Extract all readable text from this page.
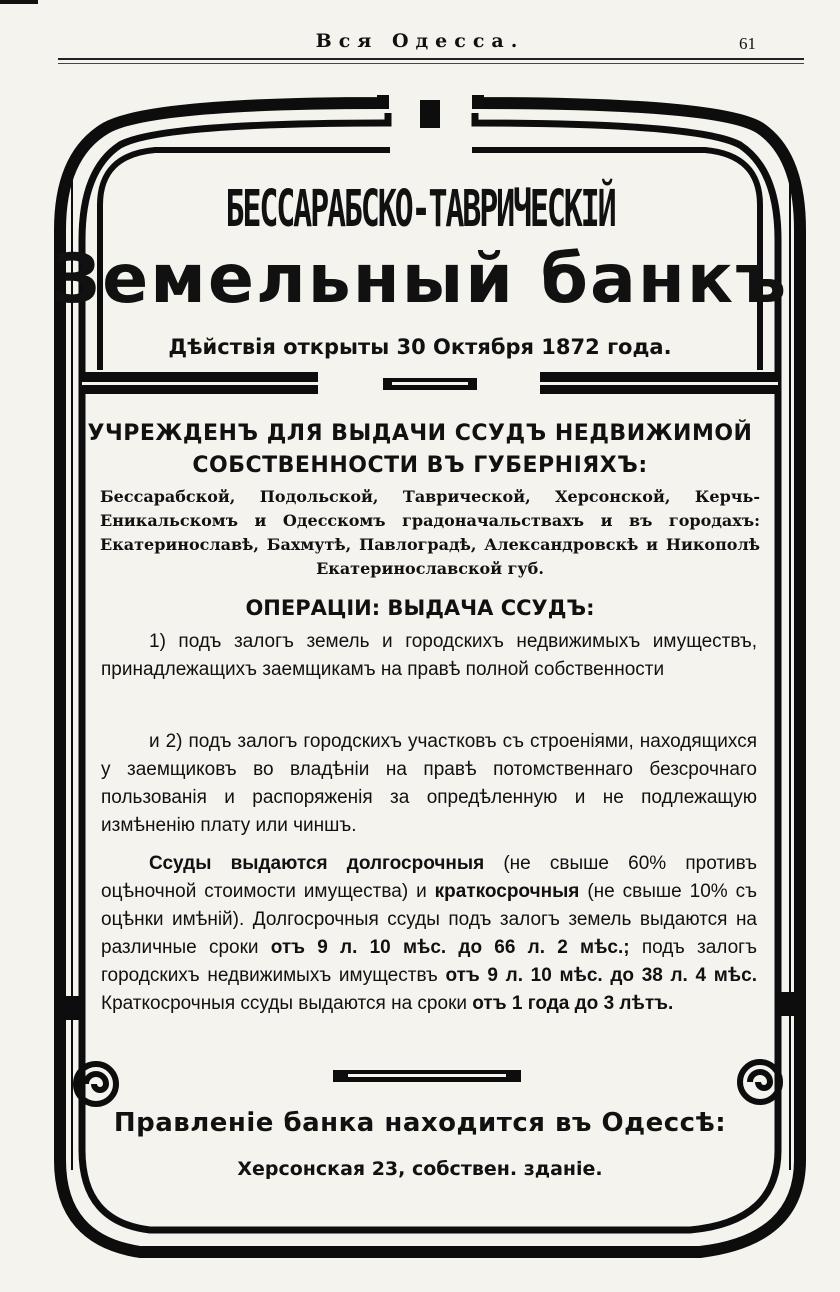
Вся Одесса.	61
БЕССАРАБСКО-ТАВРИЧЕСКІЙ
Земельный банкъ
Дѣйствія открыты 30 Октября 1872 года.
УЧРЕЖДЕНЪ ДЛЯ ВЫДАЧИ ССУДЪ НЕДВИЖИМОЙ
СОБСТВЕННОСТИ ВЪ ГУБЕРНІЯХЪ:
Бессарабской, Подольской, Таврической, Херсонской, Керчь-Еникальскомъ и Одесскомъ градоначальствахъ и въ городахъ: Екатеринославѣ, Бахмутѣ, Павлоградѣ, Александровскѣ и Никополѣ Екатеринославской губ.
ОПЕРАЦІИ: ВЫДАЧА ССУДЪ:
1) подъ залогъ земель и городскихъ недвижимыхъ имуществъ, принадлежащихъ заемщикамъ на правѣ полной собственности
и 2) подъ залогъ городскихъ участковъ съ строеніями, находящихся у заемщиковъ во владѣніи на правѣ потомственнаго безсрочнаго пользованія и распоряженія за опредѣленную и не подлежащую измѣненію плату или чиншъ.
Ссуды выдаются долгосрочныя (не свыше 60% противъ оцѣночной стоимости имущества) и краткосрочныя (не свыше 10% съ оцѣнки имѣній). Долгосрочныя ссуды подъ залогъ земель выдаются на различные сроки отъ 9 л. 10 мѣс. до 66 л. 2 мѣс.; подъ залогъ городскихъ недвижимыхъ имуществъ отъ 9 л. 10 мѣс. до 38 л. 4 мѣс. Краткосрочныя ссуды выдаются на сроки отъ 1 года до 3 лѣтъ.
Правленіе банка находится въ Одессѣ:
Херсонская 23, собствен. зданіе.
